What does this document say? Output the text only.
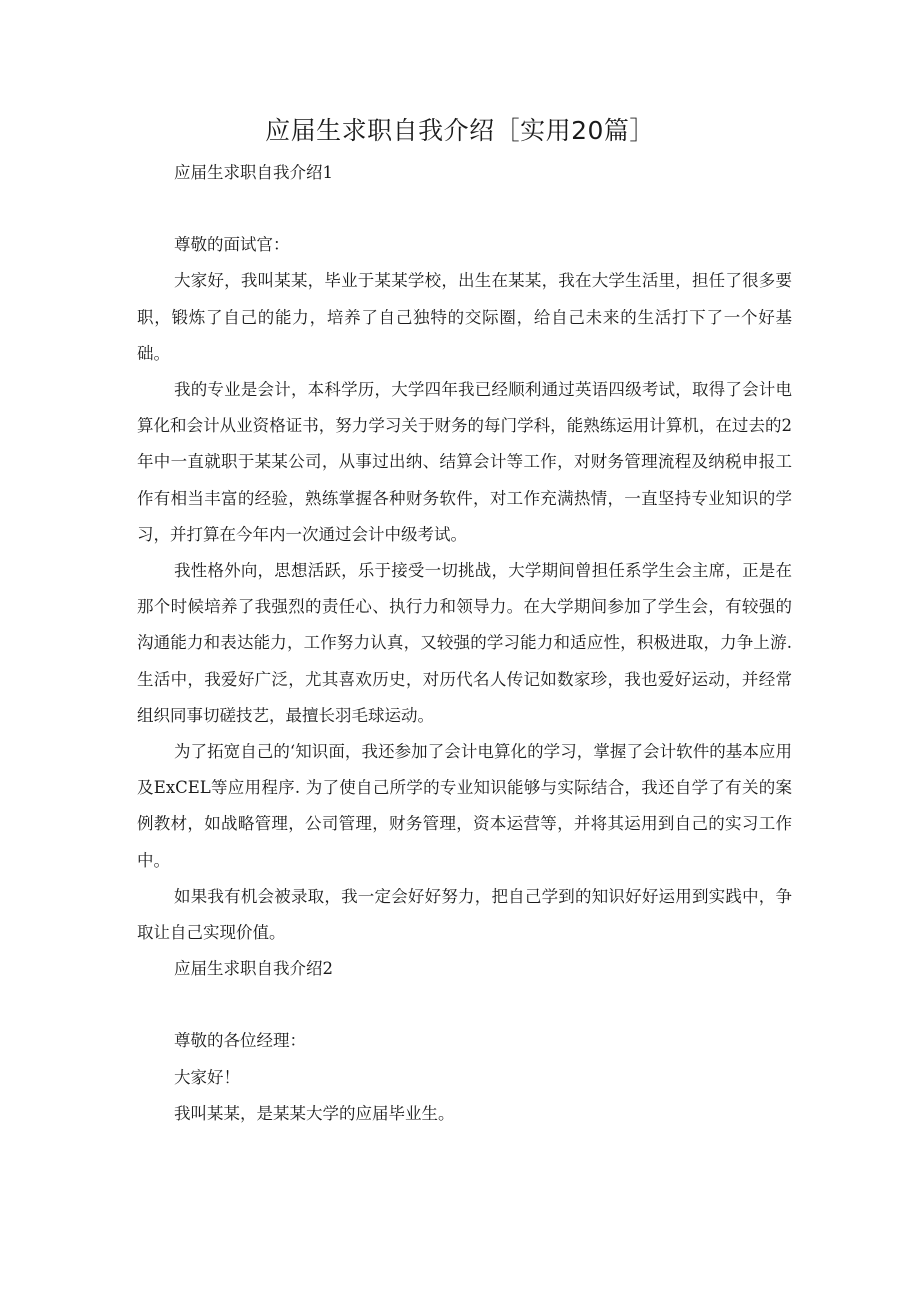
应届生求职自我介绍［实用20篇］

应届生求职自我介绍1

尊敬的面试官：

大家好，我叫某某，毕业于某某学校，出生在某某，我在大学生活里，担任了很多要职，锻炼了自己的能力，培养了自己独特的交际圈，给自己未来的生活打下了一个好基础。

我的专业是会计，本科学历，大学四年我已经顺利通过英语四级考试，取得了会计电算化和会计从业资格证书，努力学习关于财务的每门学科，能熟练运用计算机，在过去的2年中一直就职于某某公司，从事过出纳、结算会计等工作，对财务管理流程及纳税申报工作有相当丰富的经验，熟练掌握各种财务软件，对工作充满热情，一直坚持专业知识的学习，并打算在今年内一次通过会计中级考试。

我性格外向，思想活跃，乐于接受一切挑战，大学期间曾担任系学生会主席，正是在那个时候培养了我强烈的责任心、执行力和领导力。在大学期间参加了学生会，有较强的沟通能力和表达能力，工作努力认真，又较强的学习能力和适应性，积极进取，力争上游. 生活中，我爱好广泛，尤其喜欢历史，对历代名人传记如数家珍，我也爱好运动，并经常组织同事切磋技艺，最擅长羽毛球运动。

为了拓宽自己的‘知识面，我还参加了会计电算化的学习，掌握了会计软件的基本应用及ExCEL等应用程序. 为了使自己所学的专业知识能够与实际结合，我还自学了有关的案例教材，如战略管理，公司管理，财务管理，资本运营等，并将其运用到自己的实习工作中。

如果我有机会被录取，我一定会好好努力，把自己学到的知识好好运用到实践中，争取让自己实现价值。

应届生求职自我介绍2

尊敬的各位经理：

大家好！

我叫某某，是某某大学的应届毕业生。
